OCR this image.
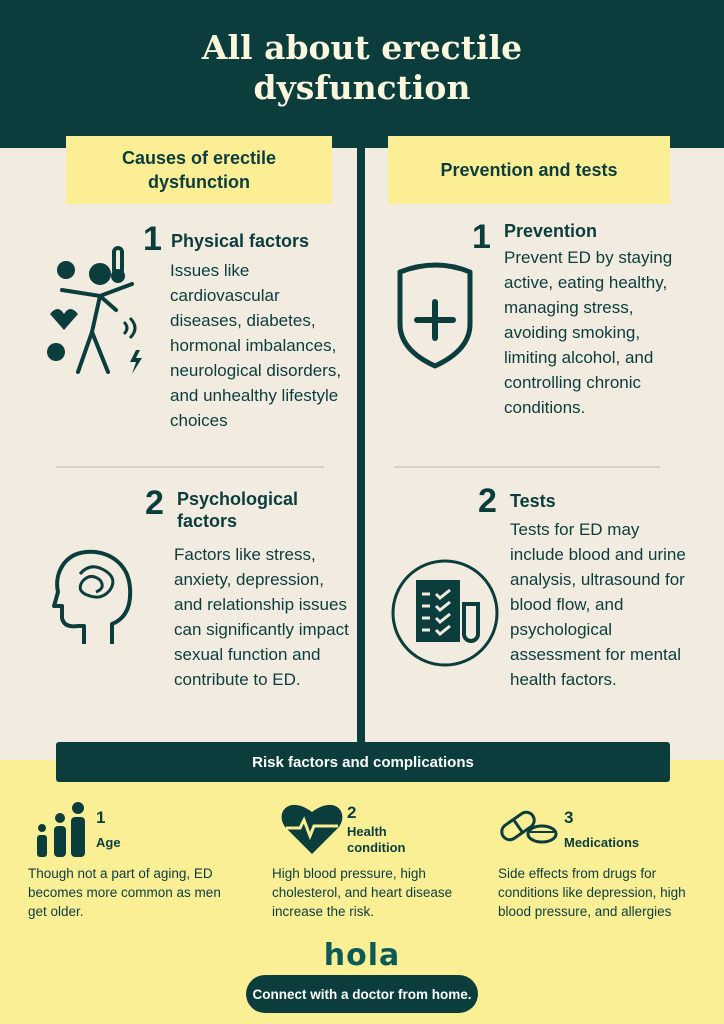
All about erectile dysfunction
Causes of erectile dysfunction
1 Physical factors
Issues like cardiovascular diseases, diabetes, hormonal imbalances, neurological disorders, and unhealthy lifestyle choices
2 Psychological factors
Factors like stress, anxiety, depression, and relationship issues can significantly impact sexual function and contribute to ED.
Prevention and tests
1 Prevention
Prevent ED by staying active, eating healthy, managing stress, avoiding smoking, limiting alcohol, and controlling chronic conditions.
2 Tests
Tests for ED may include blood and urine analysis, ultrasound for blood flow, and psychological assessment for mental health factors.
Risk factors and complications
1
Age
Though not a part of aging, ED becomes more common as men get older.
2
Health condition
High blood pressure, high cholesterol, and heart disease increase the risk.
3
Medications
Side effects from drugs for conditions like depression, high blood pressure, and allergies
hola
Connect with a doctor from home.
